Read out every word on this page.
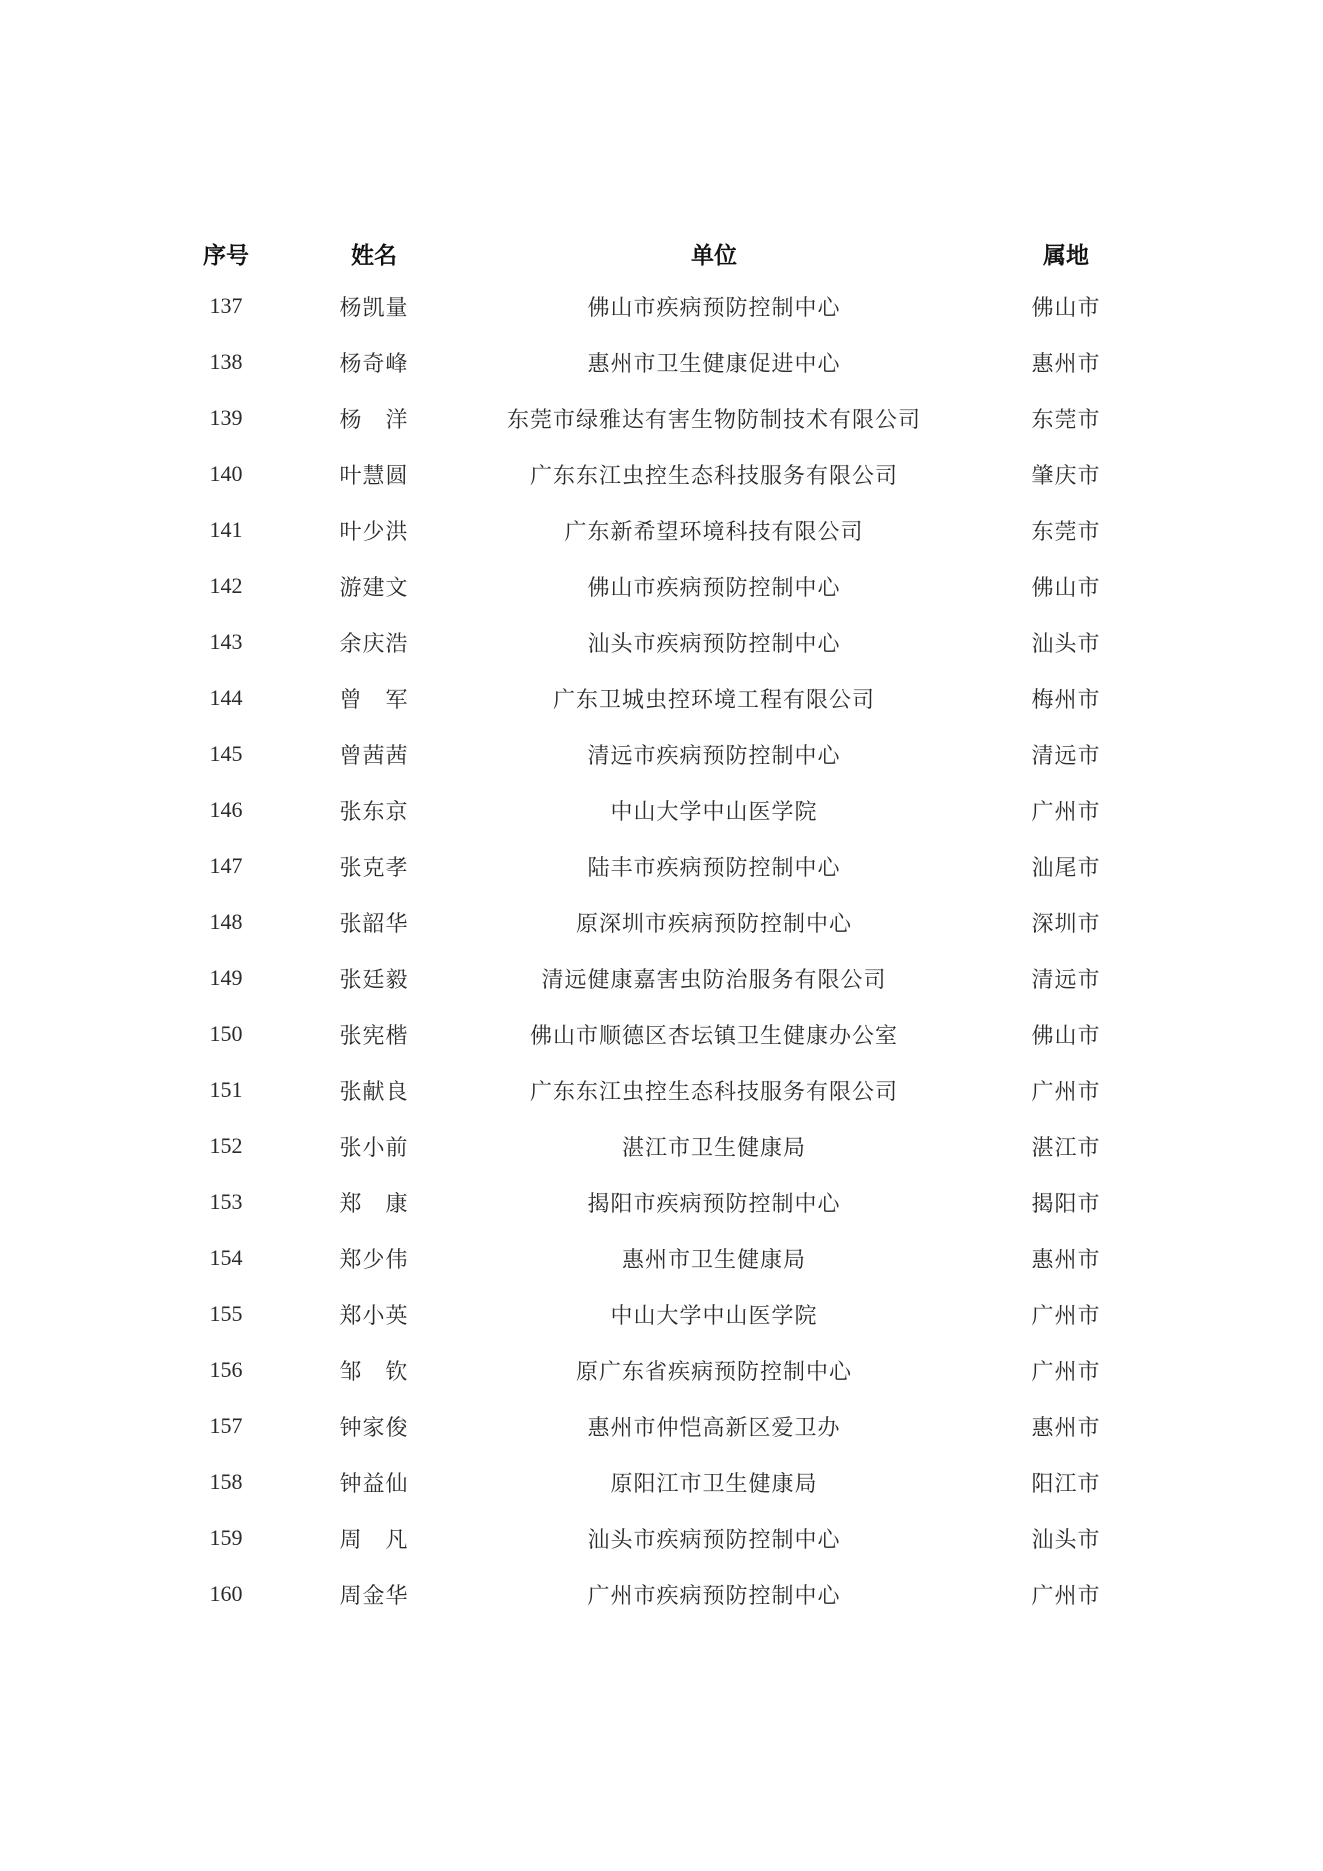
序号	姓名	单位	属地
137	杨凯量	佛山市疾病预防控制中心	佛山市
138	杨奇峰	惠州市卫生健康促进中心	惠州市
139	杨　洋	东莞市绿雅达有害生物防制技术有限公司	东莞市
140	叶慧圆	广东东江虫控生态科技服务有限公司	肇庆市
141	叶少洪	广东新希望环境科技有限公司	东莞市
142	游建文	佛山市疾病预防控制中心	佛山市
143	余庆浩	汕头市疾病预防控制中心	汕头市
144	曾　军	广东卫城虫控环境工程有限公司	梅州市
145	曾茜茜	清远市疾病预防控制中心	清远市
146	张东京	中山大学中山医学院	广州市
147	张克孝	陆丰市疾病预防控制中心	汕尾市
148	张韶华	原深圳市疾病预防控制中心	深圳市
149	张廷毅	清远健康嘉害虫防治服务有限公司	清远市
150	张宪楷	佛山市顺德区杏坛镇卫生健康办公室	佛山市
151	张献良	广东东江虫控生态科技服务有限公司	广州市
152	张小前	湛江市卫生健康局	湛江市
153	郑　康	揭阳市疾病预防控制中心	揭阳市
154	郑少伟	惠州市卫生健康局	惠州市
155	郑小英	中山大学中山医学院	广州市
156	邹　钦	原广东省疾病预防控制中心	广州市
157	钟家俊	惠州市仲恺高新区爱卫办	惠州市
158	钟益仙	原阳江市卫生健康局	阳江市
159	周　凡	汕头市疾病预防控制中心	汕头市
160	周金华	广州市疾病预防控制中心	广州市
